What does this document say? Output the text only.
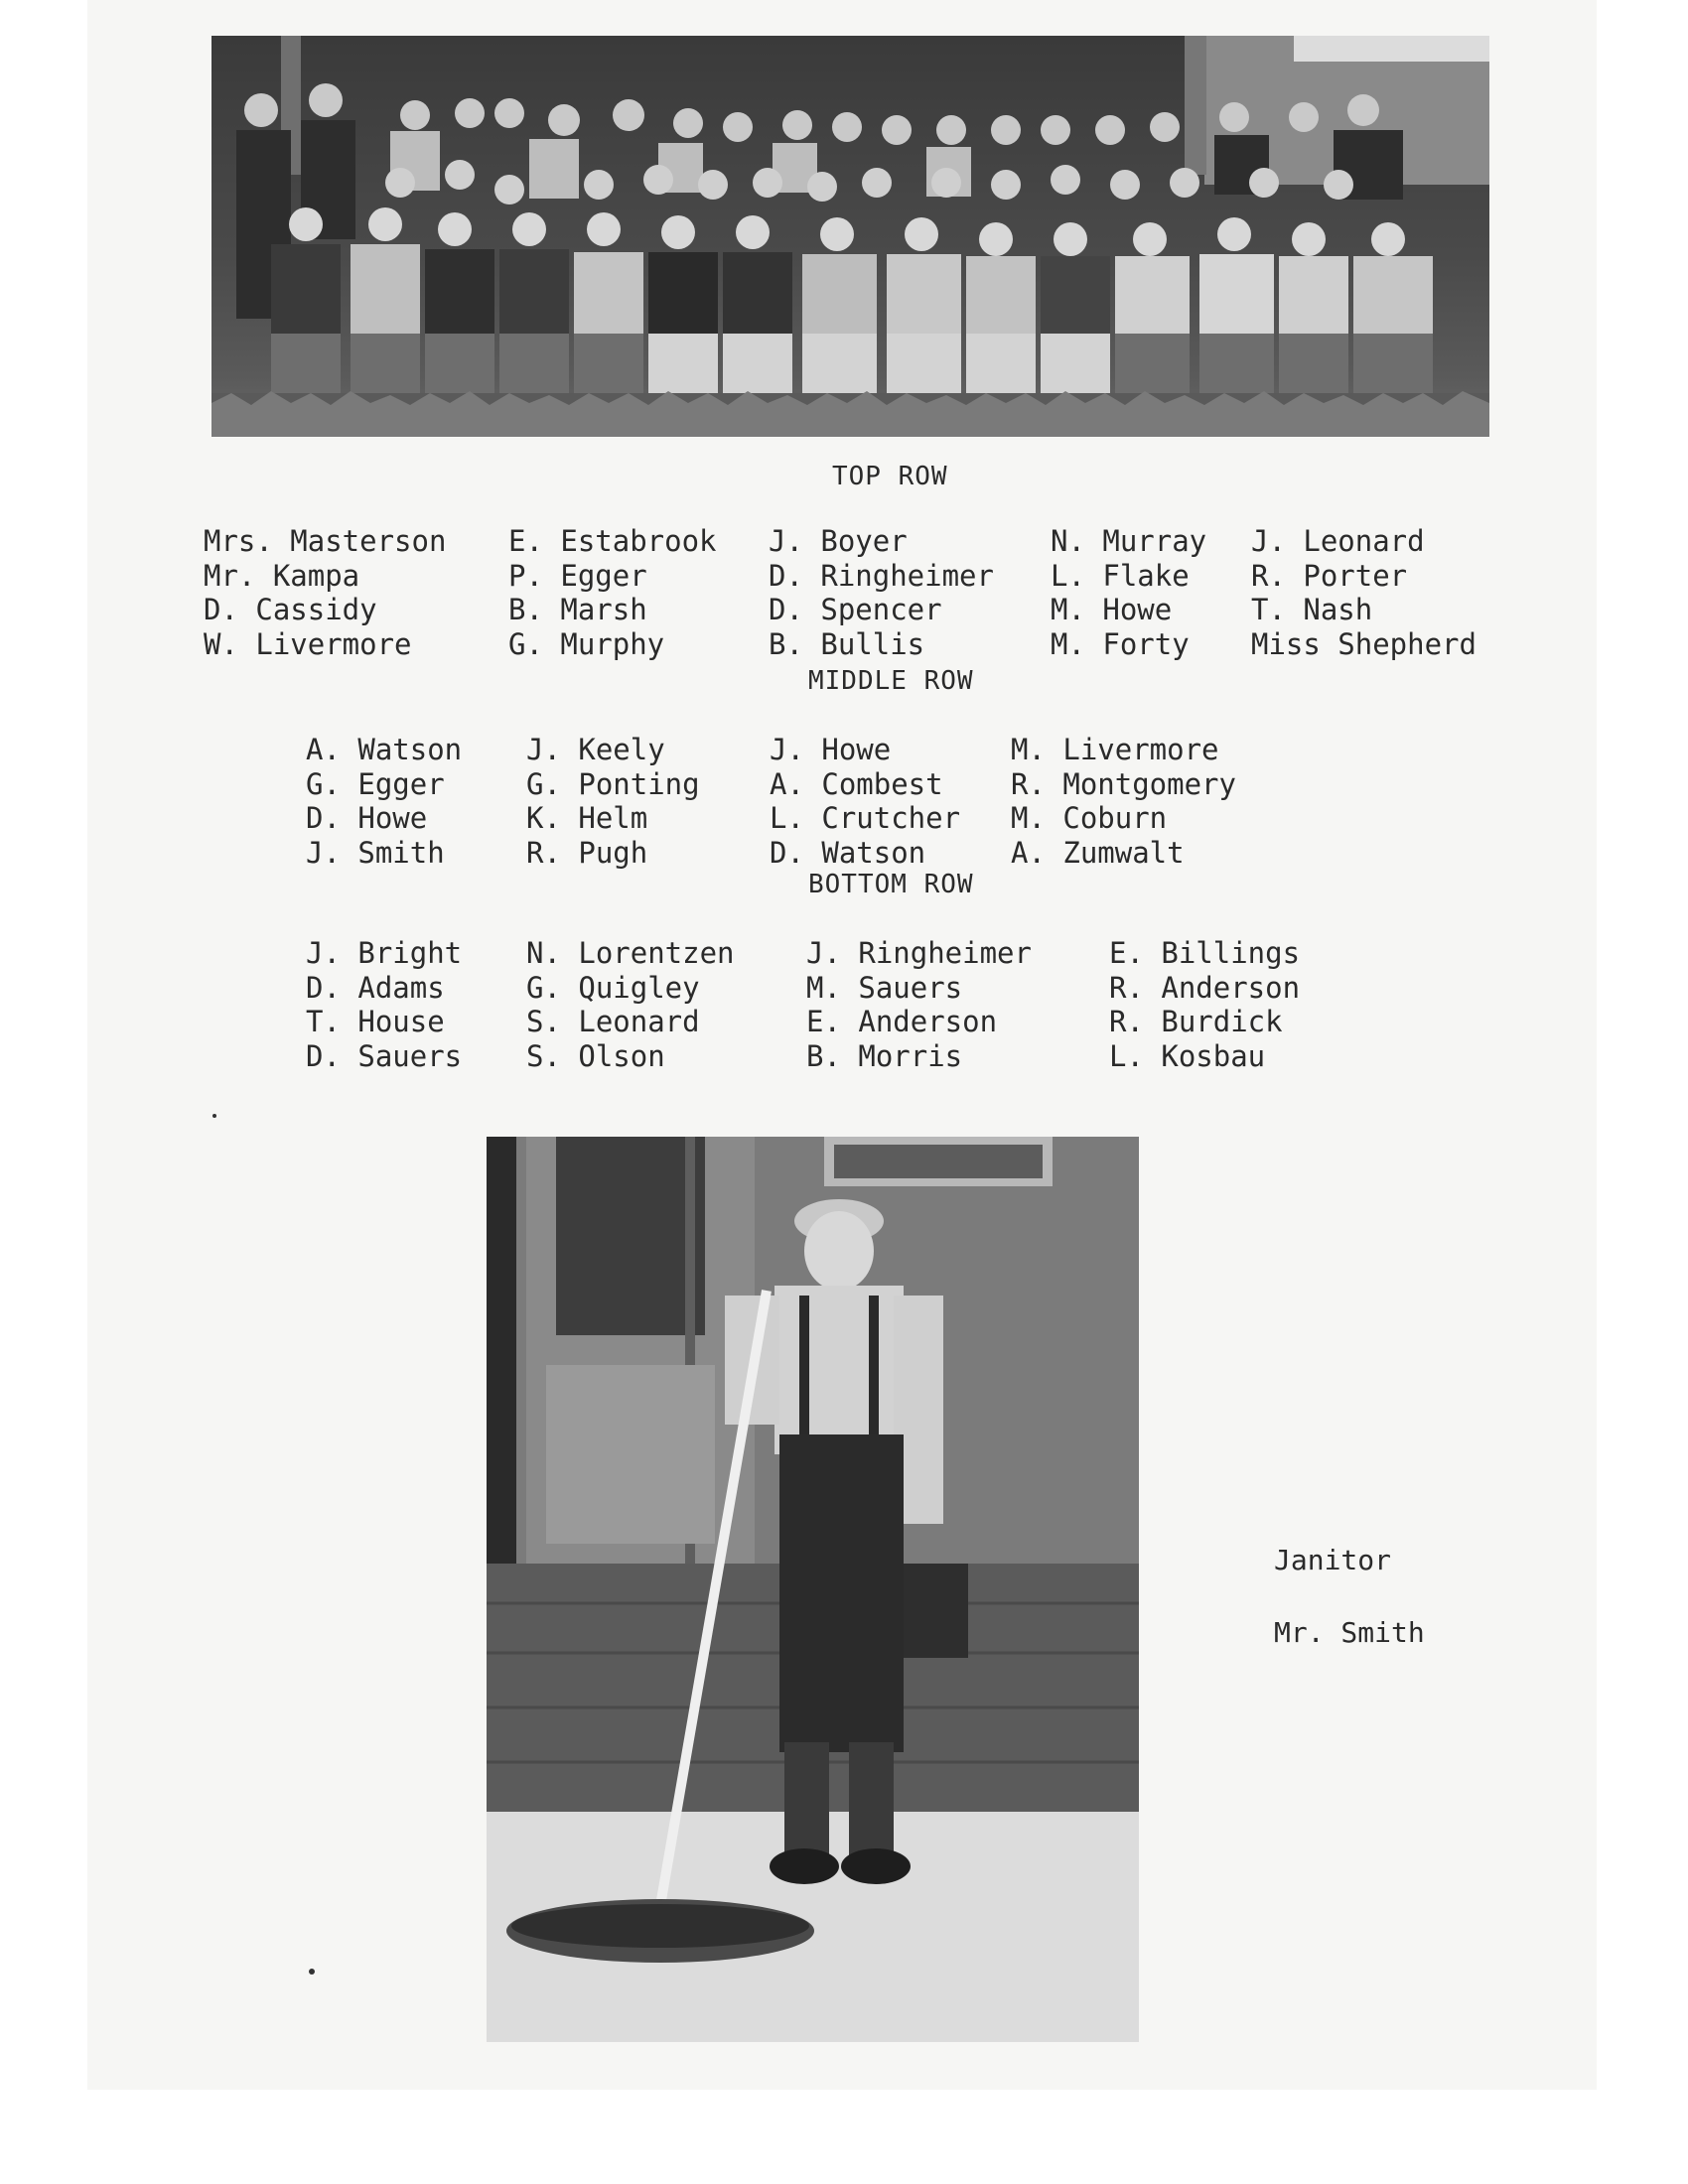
TOP ROW
Mrs. Masterson
Mr. Kampa
D. Cassidy
W. Livermore
E. Estabrook
P. Egger
B. Marsh
G. Murphy
J. Boyer
D. Ringheimer
D. Spencer
B. Bullis
N. Murray
L. Flake
M. Howe
M. Forty
J. Leonard
R. Porter
T. Nash
Miss Shepherd
MIDDLE ROW
A. Watson
G. Egger
D. Howe
J. Smith
J. Keely
G. Ponting
K. Helm
R. Pugh
J. Howe
A. Combest
L. Crutcher
D. Watson
M. Livermore
R. Montgomery
M. Coburn
A. Zumwalt
BOTTOM ROW
J. Bright
D. Adams
T. House
D. Sauers
N. Lorentzen
G. Quigley
S. Leonard
S. Olson
J. Ringheimer
M. Sauers
E. Anderson
B. Morris
E. Billings
R. Anderson
R. Burdick
L. Kosbau
Janitor
Mr. Smith
